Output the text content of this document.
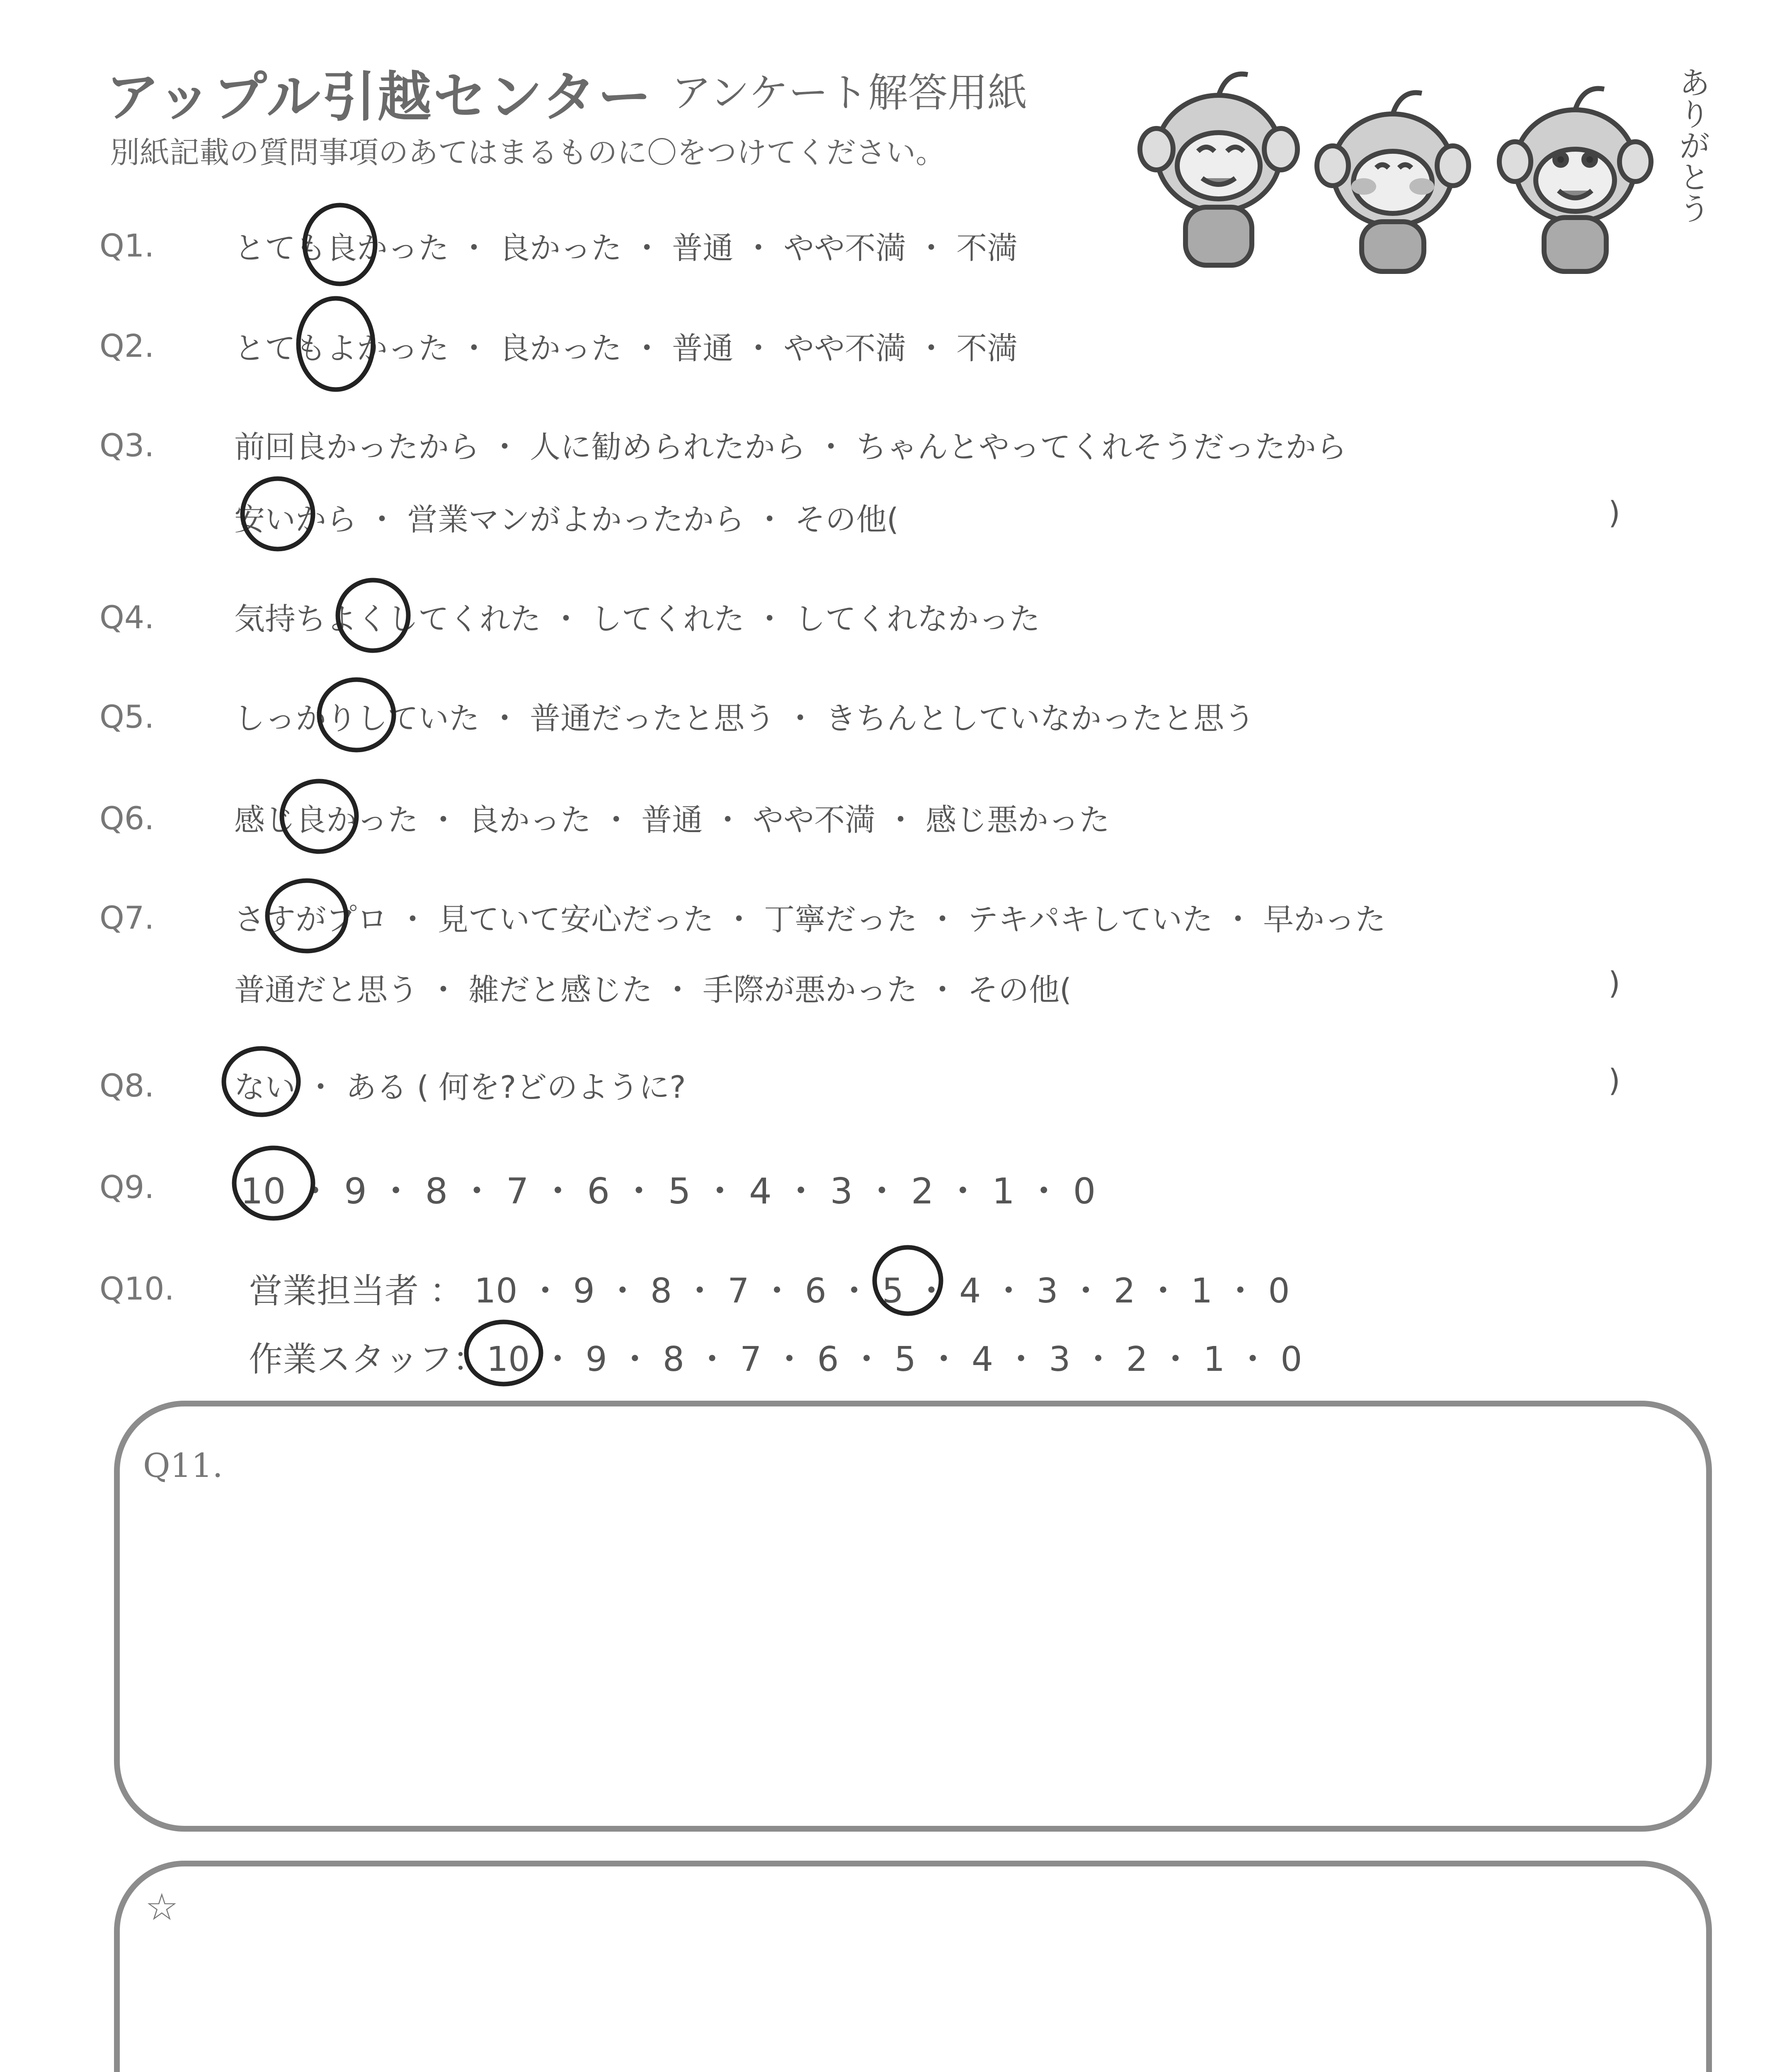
アップル引越センター アンケート解答用紙
別紙記載の質問事項のあてはまるものに〇をつけてください。	ありがとう
Q1.	とても良かった ・ 良かった ・ 普通 ・ やや不満 ・ 不満
Q2.	とてもよかった ・ 良かった ・ 普通 ・ やや不満 ・ 不満
Q3.	前回良かったから ・ 人に勧められたから ・ ちゃんとやってくれそうだったから
安いから ・ 営業マンがよかったから ・ その他(	)
Q4.	気持ちよくしてくれた ・ してくれた ・ してくれなかった
Q5.	しっかりしていた ・ 普通だったと思う ・ きちんとしていなかったと思う
Q6.	感じ良かった ・ 良かった ・ 普通 ・ やや不満 ・ 感じ悪かった
Q7.	さすがプロ ・ 見ていて安心だった ・ 丁寧だった ・ テキパキしていた ・ 早かった
普通だと思う ・ 雑だと感じた ・ 手際が悪かった ・ その他(	)
Q8.	ない ・ ある ( 何を?どのように?	)
Q9. 10 ・ 9 ・ 8 ・ 7 ・ 6 ・ 5 ・ 4 ・ 3 ・ 2 ・ 1 ・ 0
Q10. 営業担当者 ： 10 ・ 9 ・ 8 ・ 7 ・ 6 ・ 5 ・ 4 ・ 3 ・ 2 ・ 1 ・ 0
作業スタッフ：10 ・ 9 ・ 8 ・ 7 ・ 6 ・ 5 ・ 4 ・ 3 ・ 2 ・ 1 ・ 0
Q11.
☆
